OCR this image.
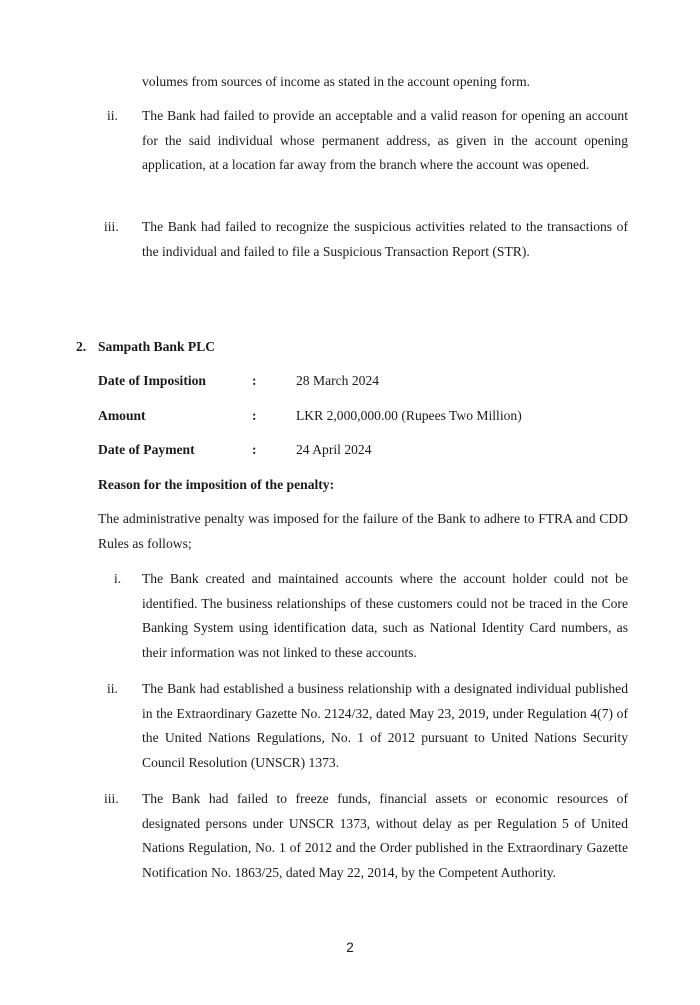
volumes from sources of income as stated in the account opening form.
ii. The Bank had failed to provide an acceptable and a valid reason for opening an account for the said individual whose permanent address, as given in the account opening application, at a location far away from the branch where the account was opened.
iii. The Bank had failed to recognize the suspicious activities related to the transactions of the individual and failed to file a Suspicious Transaction Report (STR).
2. Sampath Bank PLC
Date of Imposition	:	28 March 2024
Amount	:	LKR 2,000,000.00 (Rupees Two Million)
Date of Payment	:	24 April 2024
Reason for the imposition of the penalty:
The administrative penalty was imposed for the failure of the Bank to adhere to FTRA and CDD Rules as follows;
i. The Bank created and maintained accounts where the account holder could not be identified. The business relationships of these customers could not be traced in the Core Banking System using identification data, such as National Identity Card numbers, as their information was not linked to these accounts.
ii. The Bank had established a business relationship with a designated individual published in the Extraordinary Gazette No. 2124/32, dated May 23, 2019, under Regulation 4(7) of the United Nations Regulations, No. 1 of 2012 pursuant to United Nations Security Council Resolution (UNSCR) 1373.
iii. The Bank had failed to freeze funds, financial assets or economic resources of designated persons under UNSCR 1373, without delay as per Regulation 5 of United Nations Regulation, No. 1 of 2012 and the Order published in the Extraordinary Gazette Notification No. 1863/25, dated May 22, 2014, by the Competent Authority.
2
